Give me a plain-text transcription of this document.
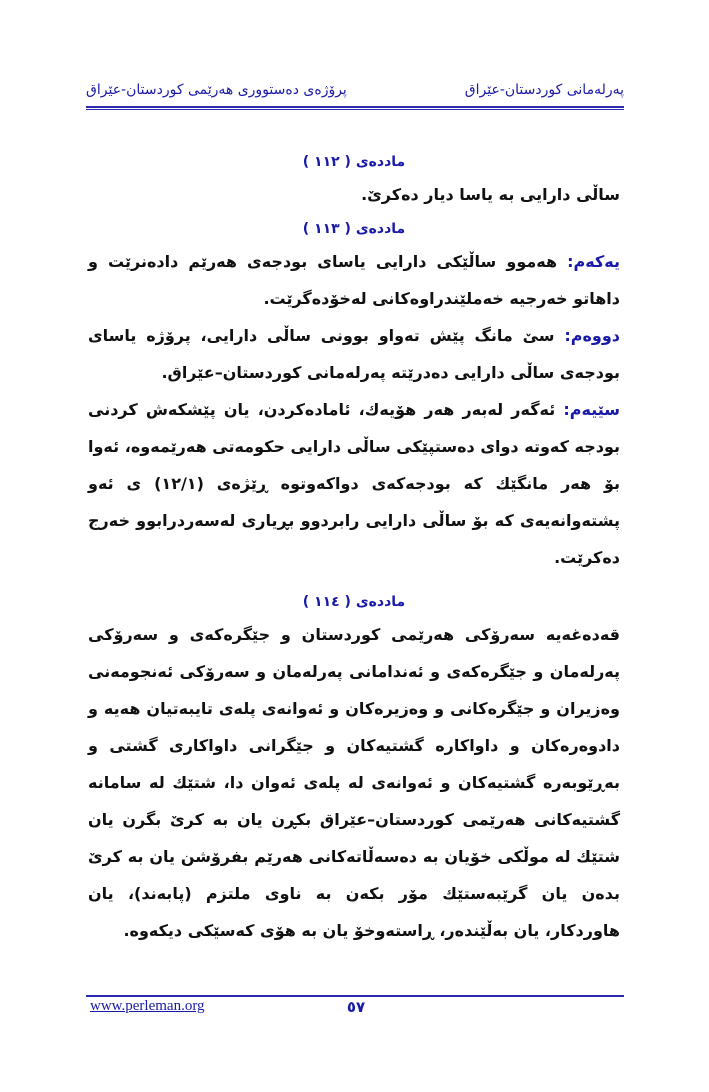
پرۆژەی دەستووری هەرێمی کوردستان-عێراق	پەرلەمانی کوردستان-عێراق
ماددەی ( ١١٢ )

ساڵی دارایی بە یاسا دیار دەکرێ.

ماددەی ( ١١٣ )

یەکەم: هەموو ساڵێکی دارایی یاسای بودجەی هەرێم دادەنرێت و داهاتو خەرجیە خەملێندراوەکانی لەخۆدەگرێت.

دووەم: سێ مانگ پێش تەواو بوونی ساڵی دارایی، پرۆژە یاسای بودجەی ساڵی دارایی دەدرێتە پەرلەمانی کوردستان–عێراق.

سێیەم: ئەگەر لەبەر هەر هۆیەك، ئامادەکردن، یان پێشکەش کردنی بودجە کەوتە دوای دەستپێکی ساڵی دارایی حکومەتی هەرێمەوە، ئەوا بۆ هەر مانگێك کە بودجەکەی دواکەوتوە ڕێژەی (١٢/١) ی ئەو پشتەوانەیەی کە بۆ ساڵی دارایی رابردوو بڕیاری لەسەردرابوو خەرج دەکرێت.

ماددەی ( ١١٤ )

قەدەغەیە سەرۆکی هەرێمی کوردستان و جێگرەکەی و سەرۆکی پەرلەمان و جێگرەکەی و ئەندامانی پەرلەمان و سەرۆکی ئەنجومەنی وەزیران و جێگرەکانی و وەزیرەکان و ئەوانەی پلەی تایبەتیان هەیە و دادوەرەکان و داواکارە گشتیەکان و جێگرانی داواکاری گشتی و بەڕێوبەرە گشتیەکان و ئەوانەی لە پلەی ئەوان دا، شتێك لە سامانە گشتیەکانی هەرێمی کوردستان–عێراق بکڕن یان بە کرێ بگرن یان شتێك لە موڵکی خۆیان بە دەسەڵاتەکانی هەرێم بفرۆشن یان بە کرێ بدەن یان گرێبەستێك مۆر بکەن بە ناوی ملتزم (پابەند)، یان هاوردکار، یان بەڵێندەر، ڕاستەوخۆ یان بە هۆی کەسێکی دیکەوە.

www.perleman.org	٥٧
